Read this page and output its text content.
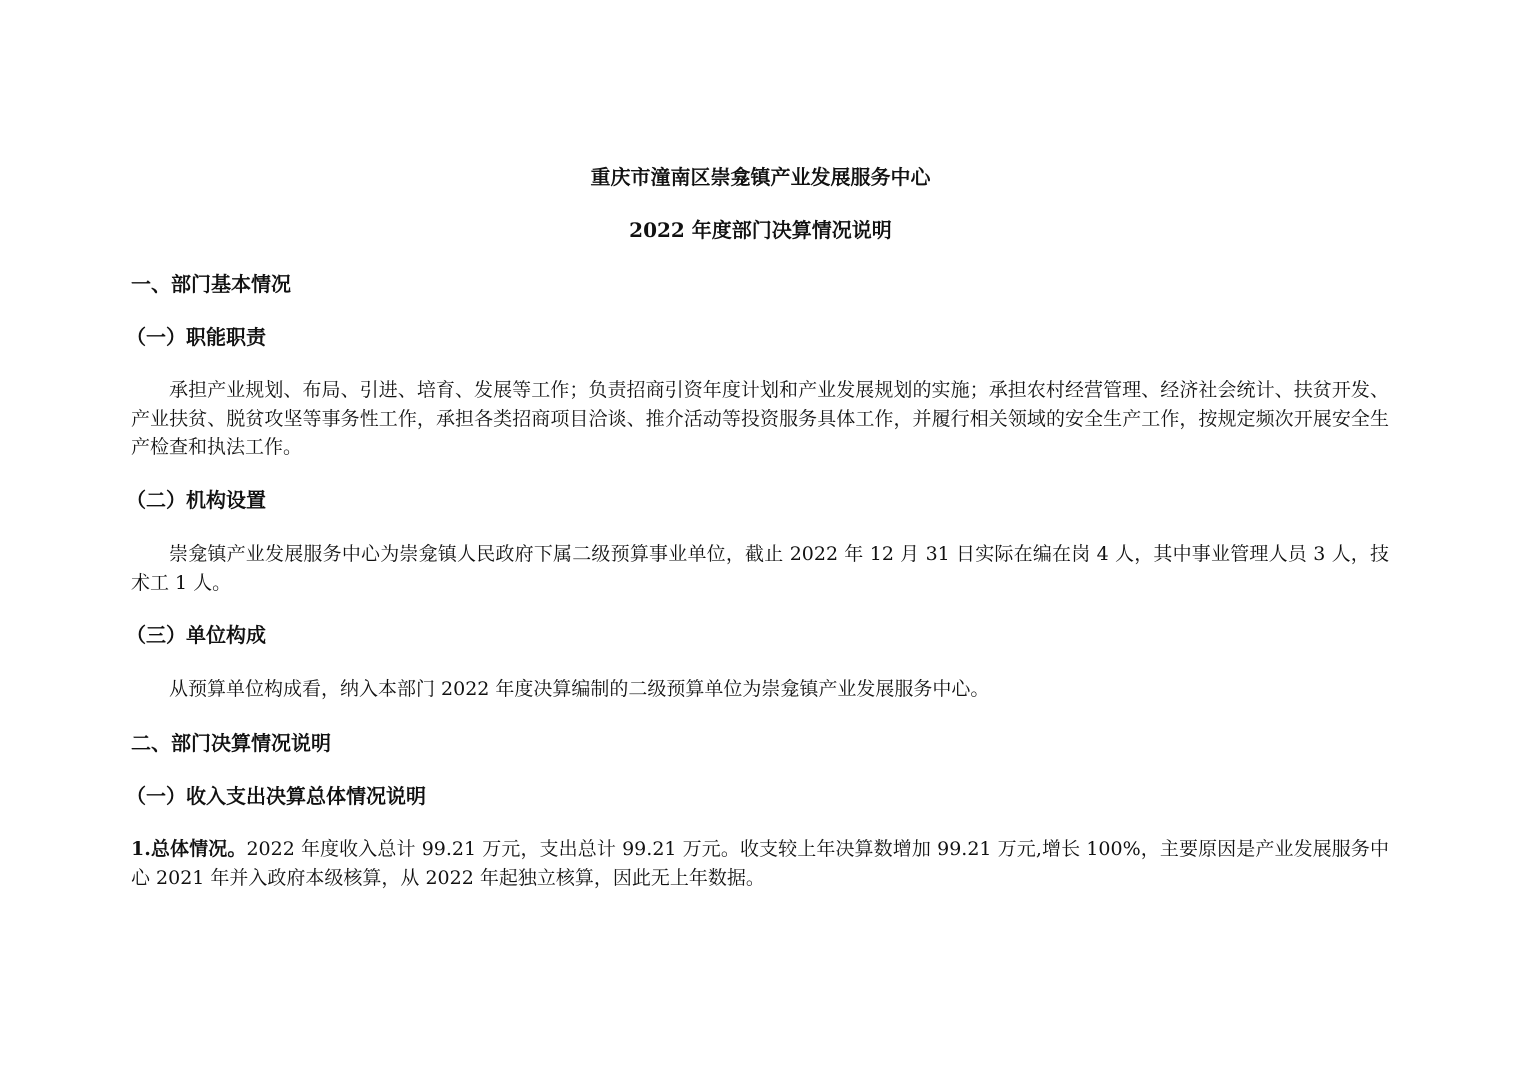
重庆市潼南区崇龛镇产业发展服务中心
2022 年度部门决算情况说明
一、部门基本情况
（一）职能职责
承担产业规划、布局、引进、培育、发展等工作；负责招商引资年度计划和产业发展规划的实施；承担农村经营管理、经济社会统计、扶贫开发、产业扶贫、脱贫攻坚等事务性工作，承担各类招商项目洽谈、推介活动等投资服务具体工作，并履行相关领域的安全生产工作，按规定频次开展安全生产检查和执法工作。
（二）机构设置
崇龛镇产业发展服务中心为崇龛镇人民政府下属二级预算事业单位，截止 2022 年 12 月 31 日实际在编在岗 4 人，其中事业管理人员 3 人，技术工 1 人。
（三）单位构成
从预算单位构成看，纳入本部门 2022 年度决算编制的二级预算单位为崇龛镇产业发展服务中心。
二、部门决算情况说明
（一）收入支出决算总体情况说明
1.总体情况。2022 年度收入总计 99.21 万元，支出总计 99.21 万元。收支较上年决算数增加 99.21 万元,增长 100%，主要原因是产业发展服务中心 2021 年并入政府本级核算，从 2022 年起独立核算，因此无上年数据。
